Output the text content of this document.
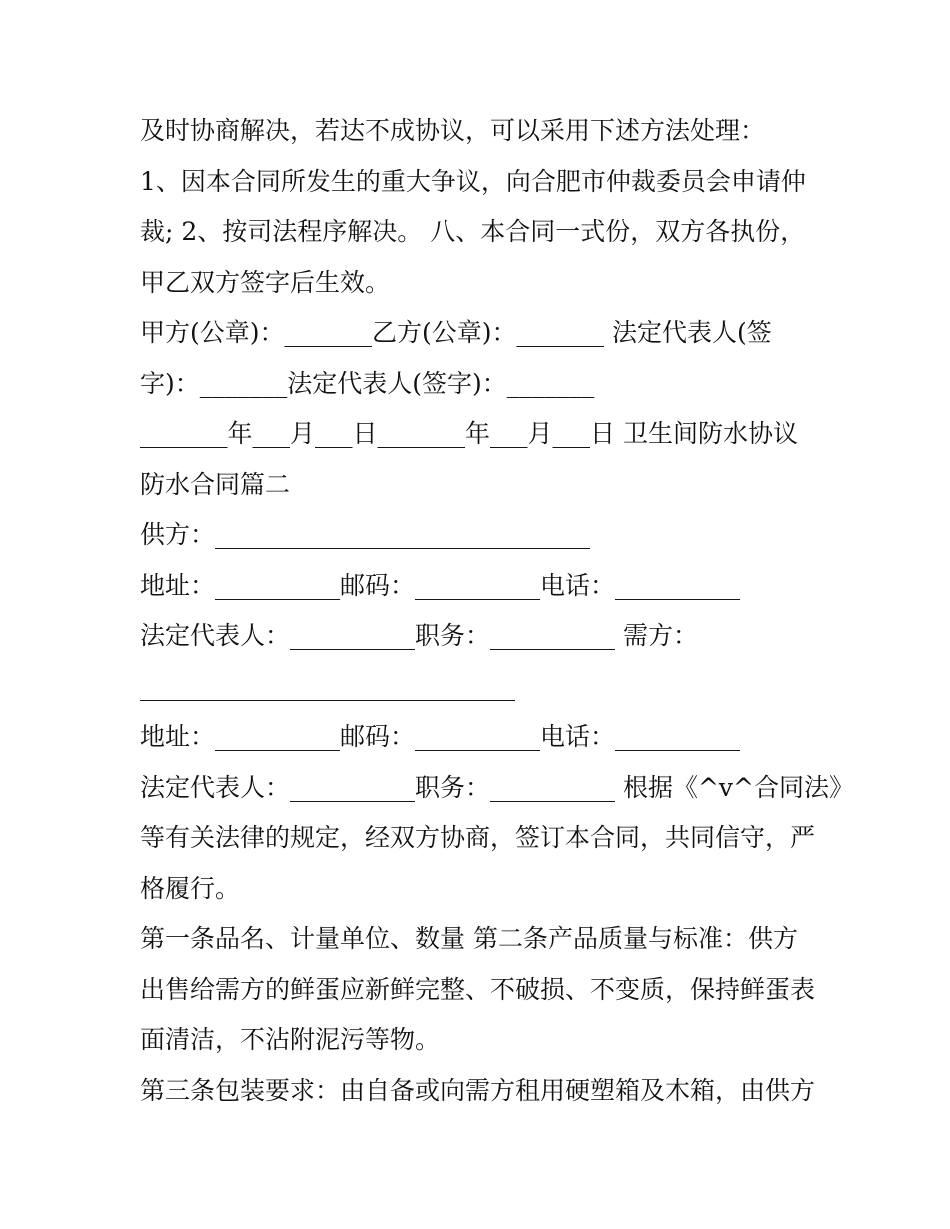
及时协商解决，若达不成协议，可以采用下述方法处理：

1、因本合同所发生的重大争议，向合肥市仲裁委员会申请仲

裁; 2、按司法程序解决。 八、本合同一式份，双方各执份，

甲乙双方签字后生效。

甲方(公章)：_______乙方(公章)：_______ 法定代表人(签

字)：_______法定代表人(签字)：_______

_______年___月___日_______年___月___日 卫生间防水协议

防水合同篇二

供方：______________________________

地址：__________邮码：__________电话：__________

法定代表人：__________职务：__________ 需方：

______________________________

地址：__________邮码：__________电话：__________

法定代表人：__________职务：__________ 根据《^v^合同法》

等有关法律的规定，经双方协商，签订本合同，共同信守，严

格履行。

第一条品名、计量单位、数量 第二条产品质量与标准：供方

出售给需方的鲜蛋应新鲜完整、不破损、不变质，保持鲜蛋表

面清洁，不沾附泥污等物。

第三条包装要求：由自备或向需方租用硬塑箱及木箱，由供方
